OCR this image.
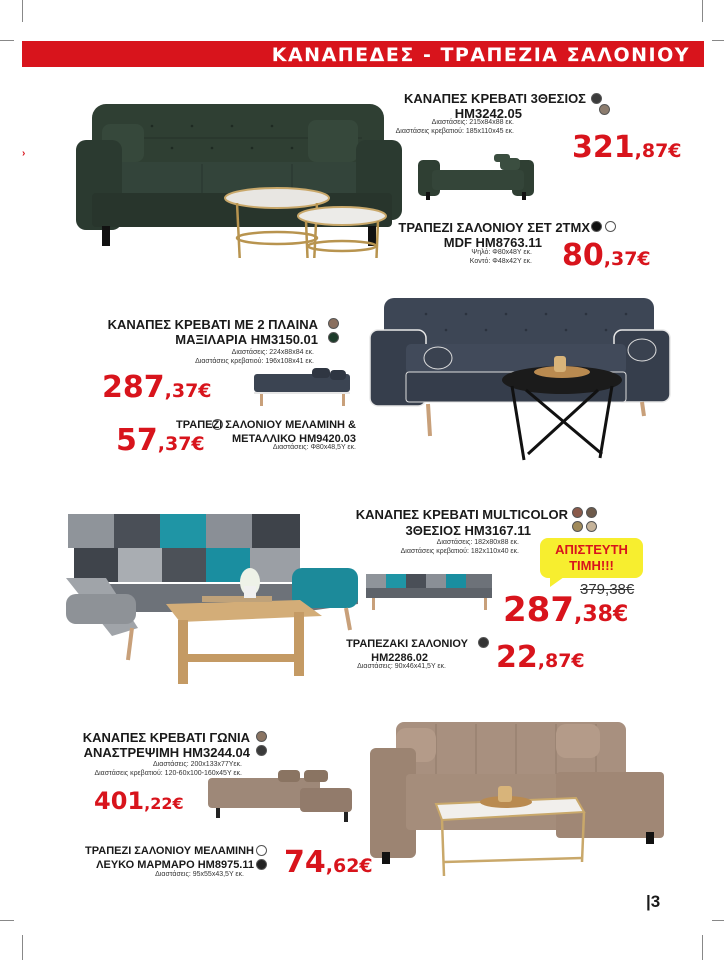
ΚΑΝΑΠΕΔΕΣ - ΤΡΑΠΕΖΙΑ ΣΑΛΟΝΙΟΥ
ΚΑΝΑΠΕΣ ΚΡΕΒΑΤΙ 3ΘΕΣΙΟΣ
HM3242.05
Διαστάσεις: 215x84x88 εκ.
Διαστάσεις κρεβατιού: 185x110x45 εκ. 321,87€
ΤΡΑΠΕΖΙ ΣΑΛΟΝΙΟΥ ΣΕΤ 2ΤΜΧ
MDF HM8763.11
Ψηλό: Φ80x48Υ εκ.
Κοντό: Φ48x42Υ εκ. 80,37€
ΚΑΝΑΠΕΣ ΚΡΕΒΑΤΙ ΜΕ 2 ΠΛΑΙΝΑ
ΜΑΞΙΛΑΡΙΑ HM3150.01
Διαστάσεις: 224x88x84 εκ.
Διαστάσεις κρεβατιού: 196x108x41 εκ.
287,37€
ΤΡΑΠΕΖΙ ΣΑΛΟΝΙΟΥ ΜΕΛΑΜΙΝΗ &
ΜΕΤΑΛΛΙΚΟ HM9420.03
Διαστάσεις: Φ80x48,5Υ εκ.
57,37€
ΚΑΝΑΠΕΣ ΚΡΕΒΑΤΙ MULTICOLOR
3ΘΕΣΙΟΣ HM3167.11
Διαστάσεις: 182x80x88 εκ.
Διαστάσεις κρεβατιού: 182x110x40 εκ.	ΑΠΙΣΤΕΥΤΗ
ΤΙΜΗ!!!
379,38€
287,38€
ΤΡΑΠΕΖΑΚΙ ΣΑΛΟΝΙΟΥ
HM2286.02
Διαστάσεις: 90x46x41,5Υ εκ. 22,87€
ΚΑΝΑΠΕΣ ΚΡΕΒΑΤΙ ΓΩΝΙΑ
ΑΝΑΣΤΡΕΨΙΜΗ HM3244.04
Διαστάσεις: 200x133x77Υεκ.
Διαστάσεις κρεβατιού: 120-60x100-160x45Υ εκ.
401,22€
ΤΡΑΠΕΖΙ ΣΑΛΟΝΙΟΥ ΜΕΛΑΜΙΝΗ
ΛΕΥΚΟ ΜΑΡΜΑΡΟ HM8975.11
Διαστάσεις: 95x55x43,5Υ εκ. 74,62€
|3
›
